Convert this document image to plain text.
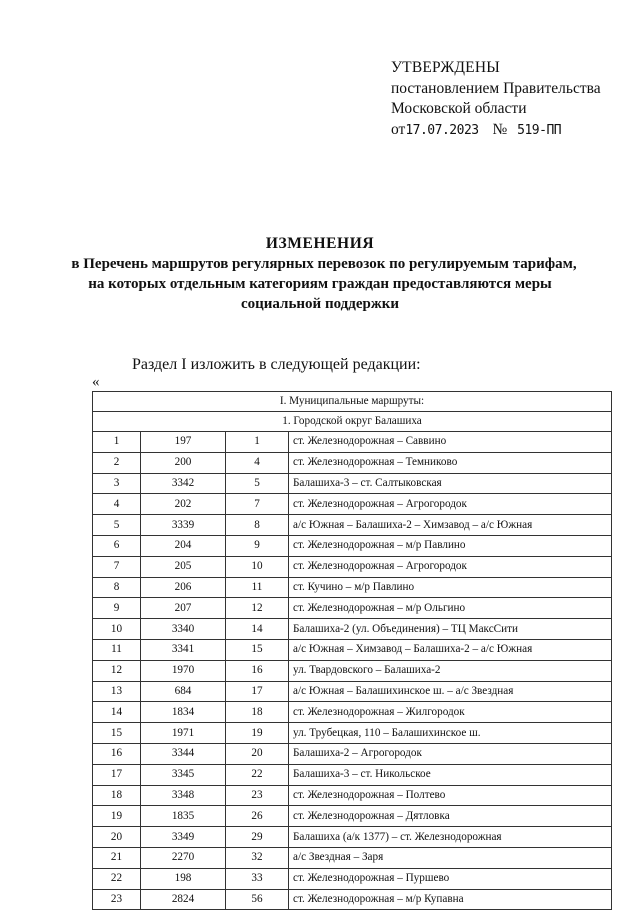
УТВЕРЖДЕНЫ
постановлением Правительства
Московской области
от17.07.2023 № 519-ПП
ИЗМЕНЕНИЯ
в Перечень маршрутов регулярных перевозок по регулируемым тарифам,
на которых отдельным категориям граждан предоставляются меры
социальной поддержки
Раздел I изложить в следующей редакции:
«
I. Муниципальные маршруты:			
1. Городской округ Балашиха			
1	197	1	ст. Железнодорожная – Саввино
2	200	4	ст. Железнодорожная – Темниково
3	3342	5	Балашиха-3 – ст. Салтыковская
4	202	7	ст. Железнодорожная – Агрогородок
5	3339	8	а/с Южная – Балашиха-2 – Химзавод – а/с Южная
6	204	9	ст. Железнодорожная – м/р Павлино
7	205	10	ст. Железнодорожная – Агрогородок
8	206	11	ст. Кучино – м/р Павлино
9	207	12	ст. Железнодорожная – м/р Ольгино
10	3340	14	Балашиха-2 (ул. Объединения) – ТЦ МаксСити
11	3341	15	а/с Южная – Химзавод – Балашиха-2 – а/с Южная
12	1970	16	ул. Твардовского – Балашиха-2
13	684	17	а/с Южная – Балашихинское ш. – а/с Звездная
14	1834	18	ст. Железнодорожная – Жилгородок
15	1971	19	ул. Трубецкая, 110 – Балашихинское ш.
16	3344	20	Балашиха-2 – Агрогородок
17	3345	22	Балашиха-3 – ст. Никольское
18	3348	23	ст. Железнодорожная – Полтево
19	1835	26	ст. Железнодорожная – Дятловка
20	3349	29	Балашиха (а/к 1377) – ст. Железнодорожная
21	2270	32	а/с Звездная – Заря
22	198	33	ст. Железнодорожная – Пуршево
23	2824	56	ст. Железнодорожная – м/р Купавна
